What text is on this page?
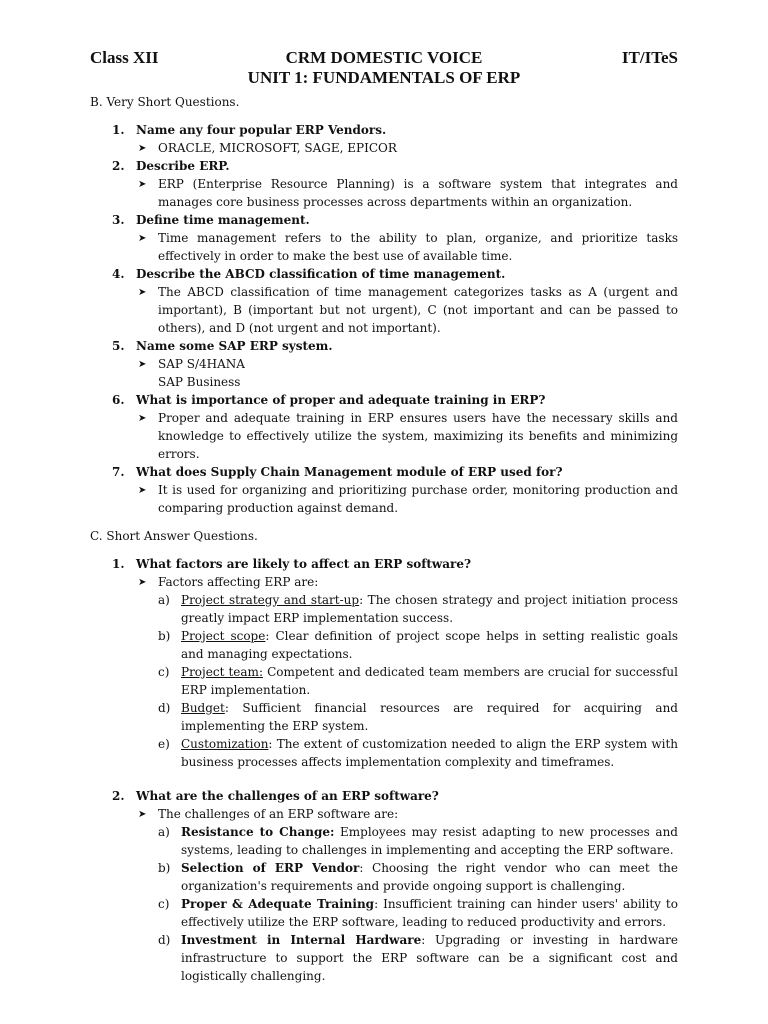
Class XII	CRM DOMESTIC VOICE	IT/ITeS
UNIT 1: FUNDAMENTALS OF ERP

B. Very Short Questions.

1. Name any four popular ERP Vendors.

➤ ORACLE, MICROSOFT, SAGE, EPICOR

2. Describe ERP.

➤ ERP (Enterprise Resource Planning) is a software system that integrates and manages core business processes across departments within an organization.

3. Define time management.

➤ Time management refers to the ability to plan, organize, and prioritize tasks effectively in order to make the best use of available time.

4. Describe the ABCD classification of time management.

➤ The ABCD classification of time management categorizes tasks as A (urgent and important), B (important but not urgent), C (not important and can be passed to others), and D (not urgent and not important).

5. Name some SAP ERP system.

➤ SAP S/4HANA

SAP Business

6. What is importance of proper and adequate training in ERP?

➤ Proper and adequate training in ERP ensures users have the necessary skills and knowledge to effectively utilize the system, maximizing its benefits and minimizing errors.

7. What does Supply Chain Management module of ERP used for?

➤ It is used for organizing and prioritizing purchase order, monitoring production and comparing production against demand.

C. Short Answer Questions.

1. What factors are likely to affect an ERP software?

➤ Factors affecting ERP are:

a) Project strategy and start-up: The chosen strategy and project initiation process greatly impact ERP implementation success.

b) Project scope: Clear definition of project scope helps in setting realistic goals and managing expectations.

c) Project team: Competent and dedicated team members are crucial for successful ERP implementation.

d) Budget: Sufficient financial resources are required for acquiring and implementing the ERP system.

e) Customization: The extent of customization needed to align the ERP system with business processes affects implementation complexity and timeframes.

2. What are the challenges of an ERP software?

➤ The challenges of an ERP software are:

a) Resistance to Change: Employees may resist adapting to new processes and systems, leading to challenges in implementing and accepting the ERP software.

b) Selection of ERP Vendor: Choosing the right vendor who can meet the organization's requirements and provide ongoing support is challenging.

c) Proper & Adequate Training: Insufficient training can hinder users' ability to effectively utilize the ERP software, leading to reduced productivity and errors.

d) Investment in Internal Hardware: Upgrading or investing in hardware infrastructure to support the ERP software can be a significant cost and logistically challenging.
